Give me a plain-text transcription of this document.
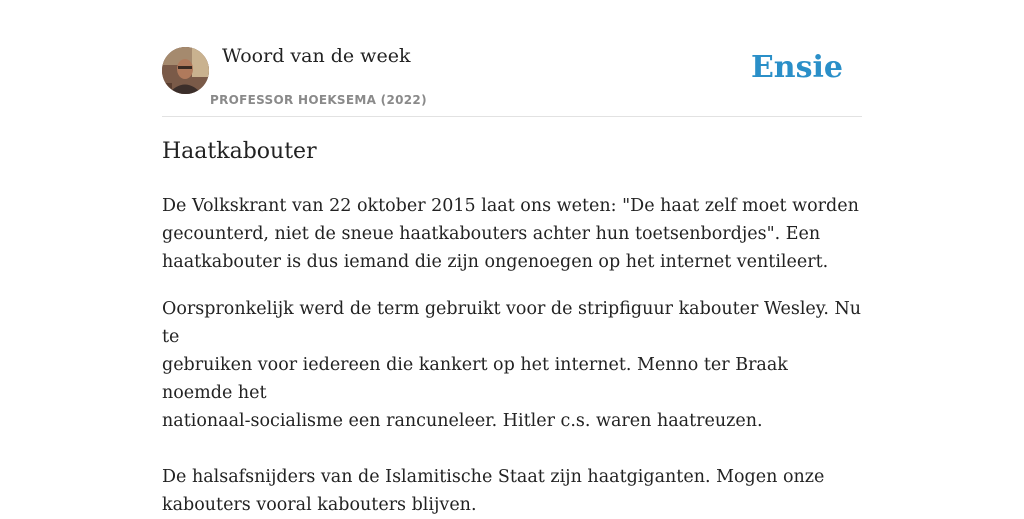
Woord van de week
PROFESSOR HOEKSEMA (2022)
Ensie
Haatkabouter

De Volkskrant van 22 oktober 2015 laat ons weten: "De haat zelf moet worden
gecounterd, niet de sneue haatkabouters achter hun toetsenbordjes". Een
haatkabouter is dus iemand die zijn ongenoegen op het internet ventileert.

Oorspronkelijk werd de term gebruikt voor de stripfiguur kabouter Wesley. Nu te
gebruiken voor iedereen die kankert op het internet. Menno ter Braak noemde het
nationaal-socialisme een rancuneleer. Hitler c.s. waren haatreuzen.

De halsafsnijders van de Islamitische Staat zijn haatgiganten. Mogen onze
kabouters vooral kabouters blijven.
